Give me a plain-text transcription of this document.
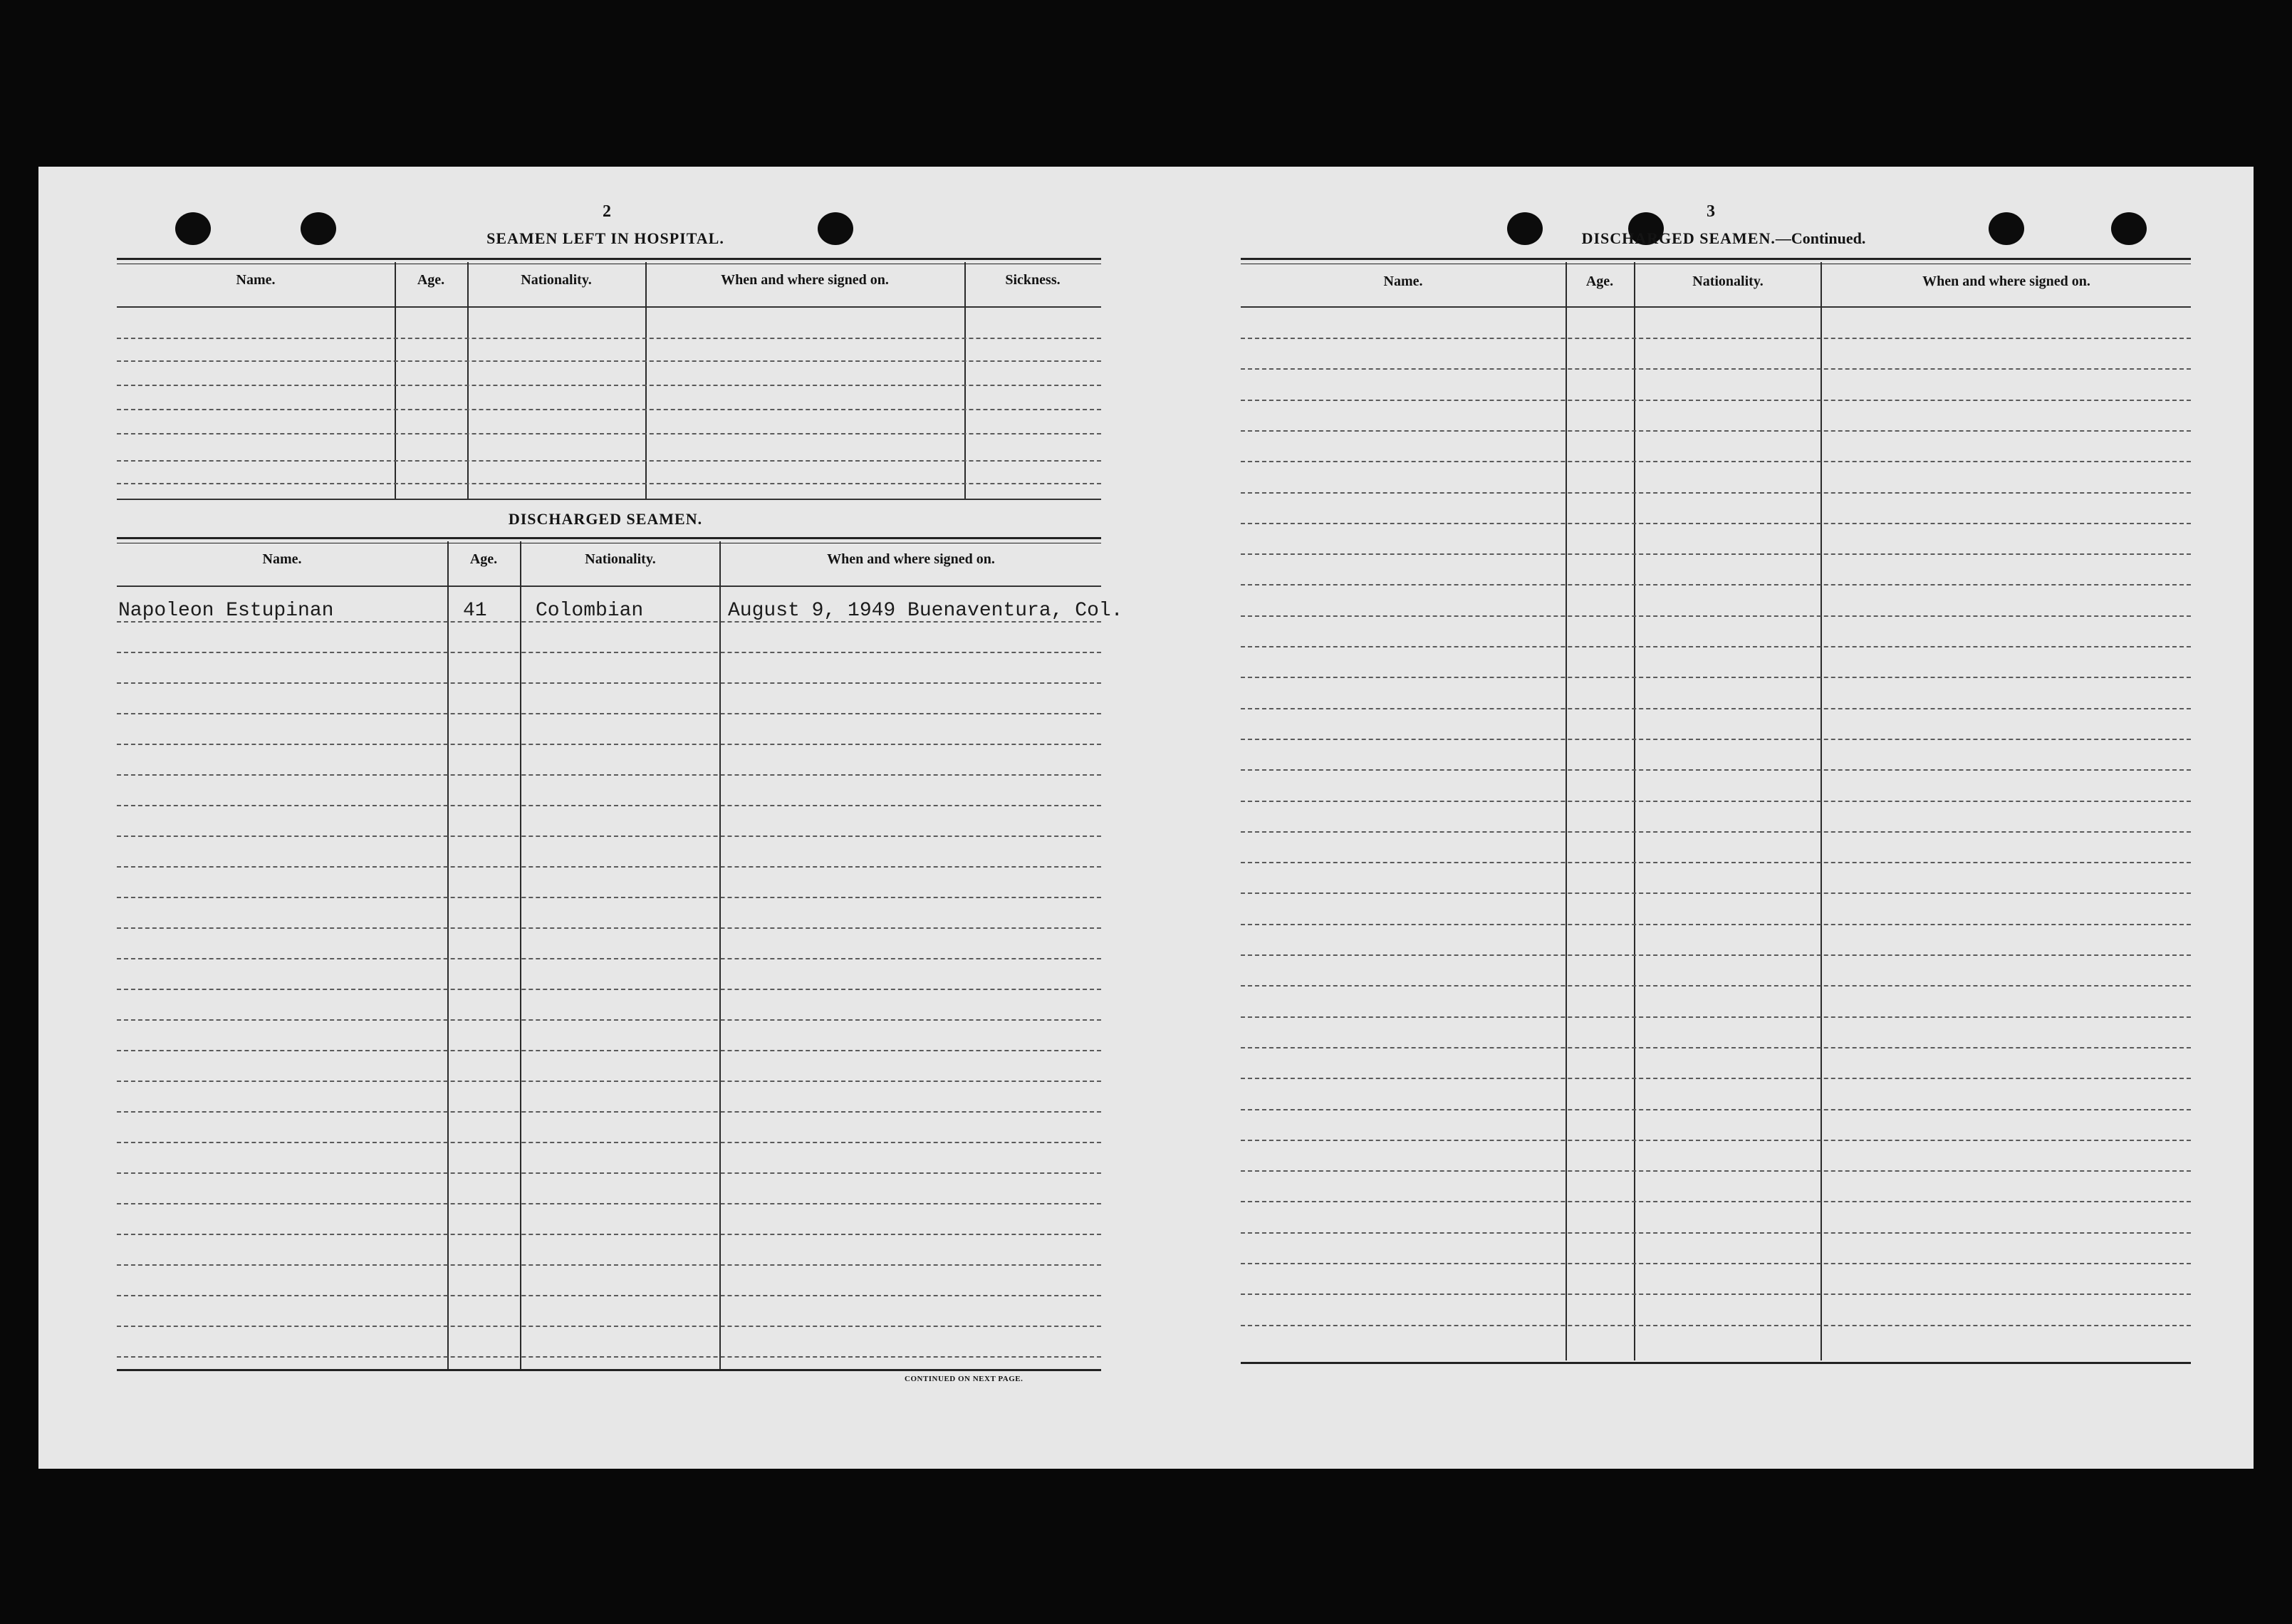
2
SEAMEN LEFT IN HOSPITAL.
Name.	Age.	Nationality.	When and where signed on.	Sickness.
DISCHARGED SEAMEN.
Name.	Age.	Nationality.	When and where signed on.
Napoleon Estupinan	41 Colombian	August 9, 1949 Buenaventura, Col.
CONTINUED ON NEXT PAGE.
3
DISCHARGED SEAMEN.—Continued.
Name.	Age.	Nationality.	When and where signed on.
